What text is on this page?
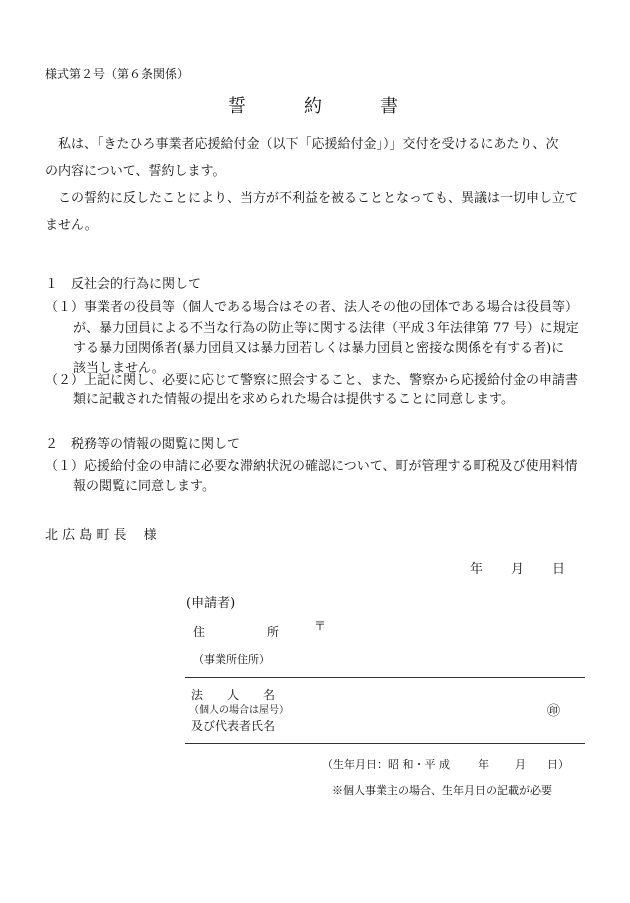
様式第２号（第６条関係）
誓	約	書
私は、「きたひろ事業者応援給付金（以下「応援給付金」）」交付を受けるにあたり、次
の内容について、誓約します。
この誓約に反したことにより、当方が不利益を被ることとなっても、異議は一切申し立て
ません。
１　反社会的行為に関して
（１）事業者の役員等（個人である場合はその者、法人その他の団体である場合は役員等）
が、暴力団員による不当な行為の防止等に関する法律（平成３年法律第 77 号）に規定
する暴力団関係者(暴力団員又は暴力団若しくは暴力団員と密接な関係を有する者)に
該当しません。
（２）上記に関し、必要に応じて警察に照会すること、また、警察から応援給付金の申請書
類に記載された情報の提出を求められた場合は提供することに同意します。
２　税務等の情報の閲覧に関して
（１）応援給付金の申請に必要な滞納状況の確認について、町が管理する町税及び使用料情
報の閲覧に同意します。
北 広 島 町 長　 様
年 月 日
(申請者)
住	所	〒
（事業所住所）
法　　人　　名
（個人の場合は屋号）
及び代表者氏名
㊞
（生年月日：昭 和・平 成	年 月 日）
※個人事業主の場合、生年月日の記載が必要
